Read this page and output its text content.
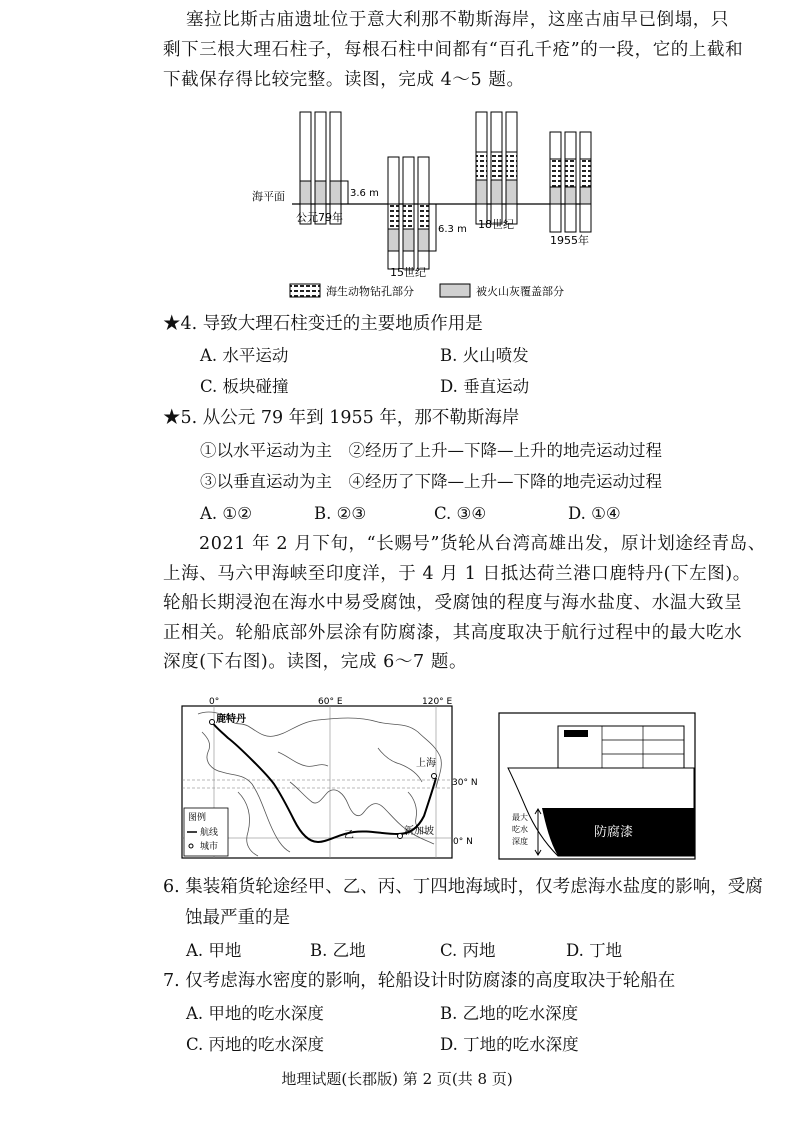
塞拉比斯古庙遗址位于意大利那不勒斯海岸，这座古庙早已倒塌，只
剩下三根大理石柱子，每根石柱中间都有“百孔千疮”的一段，它的上截和
下截保存得比较完整。读图，完成 4～5 题。
海平面	3.6 m
6.3 m
公元79年
15世纪
18世纪
1955年
海生动物钻孔部分	被火山灰覆盖部分
★4. 导致大理石柱变迁的主要地质作用是
A. 水平运动	B. 火山喷发
C. 板块碰撞	D. 垂直运动
★5. 从公元 79 年到 1955 年，那不勒斯海岸
①以水平运动为主　②经历了上升—下降—上升的地壳运动过程
③以垂直运动为主　④经历了下降—上升—下降的地壳运动过程
A. ①②	B. ②③	C. ③④	D. ①④
2021 年 2 月下旬，“长赐号”货轮从台湾高雄出发，原计划途经青岛、
上海、马六甲海峡至印度洋，于 4 月 1 日抵达荷兰港口鹿特丹(下左图)。
轮船长期浸泡在海水中易受腐蚀，受腐蚀的程度与海水盐度、水温大致呈
正相关。轮船底部外层涂有防腐漆，其高度取决于航行过程中的最大吃水
深度(下右图)。读图，完成 6～7 题。
0°	60° E	120° E
30° N
0° N
鹿特丹
上海
新加坡
乙
图例
航线
城市
防腐漆
最大
吃水
深度
6. 集装箱货轮途经甲、乙、丙、丁四地海域时，仅考虑海水盐度的影响，受腐
蚀最严重的是
A. 甲地	B. 乙地	C. 丙地	D. 丁地
7. 仅考虑海水密度的影响，轮船设计时防腐漆的高度取决于轮船在
A. 甲地的吃水深度	B. 乙地的吃水深度
C. 丙地的吃水深度	D. 丁地的吃水深度
地理试题(长郡版) 第 2 页(共 8 页)
